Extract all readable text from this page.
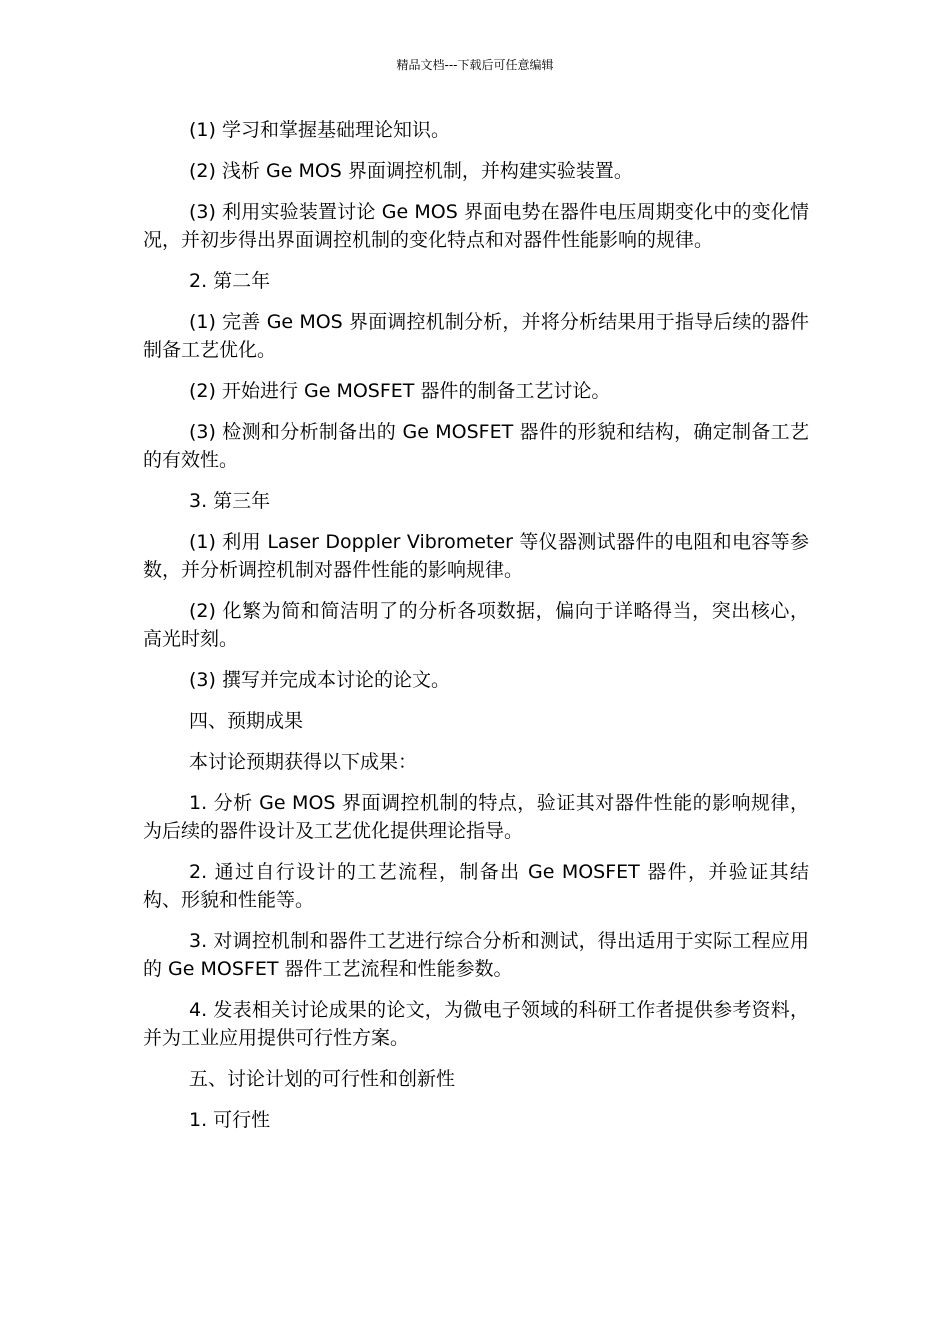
精品文档---下载后可任意编辑

(1) 学习和掌握基础理论知识。

(2) 浅析 Ge MOS 界面调控机制，并构建实验装置。

(3) 利用实验装置讨论 Ge MOS 界面电势在器件电压周期变化中的变化情况，并初步得出界面调控机制的变化特点和对器件性能影响的规律。

2. 第二年

(1) 完善 Ge MOS 界面调控机制分析，并将分析结果用于指导后续的器件制备工艺优化。

(2) 开始进行 Ge MOSFET 器件的制备工艺讨论。

(3) 检测和分析制备出的 Ge MOSFET 器件的形貌和结构，确定制备工艺的有效性。

3. 第三年

(1) 利用 Laser Doppler Vibrometer 等仪器测试器件的电阻和电容等参数，并分析调控机制对器件性能的影响规律。

(2) 化繁为简和简洁明了的分析各项数据，偏向于详略得当，突出核心，高光时刻。

(3) 撰写并完成本讨论的论文。

四、预期成果

本讨论预期获得以下成果：

1. 分析 Ge MOS 界面调控机制的特点，验证其对器件性能的影响规律，为后续的器件设计及工艺优化提供理论指导。

2. 通过自行设计的工艺流程，制备出 Ge MOSFET 器件，并验证其结构、形貌和性能等。

3. 对调控机制和器件工艺进行综合分析和测试，得出适用于实际工程应用的 Ge MOSFET 器件工艺流程和性能参数。

4. 发表相关讨论成果的论文，为微电子领域的科研工作者提供参考资料，并为工业应用提供可行性方案。

五、讨论计划的可行性和创新性

1. 可行性
